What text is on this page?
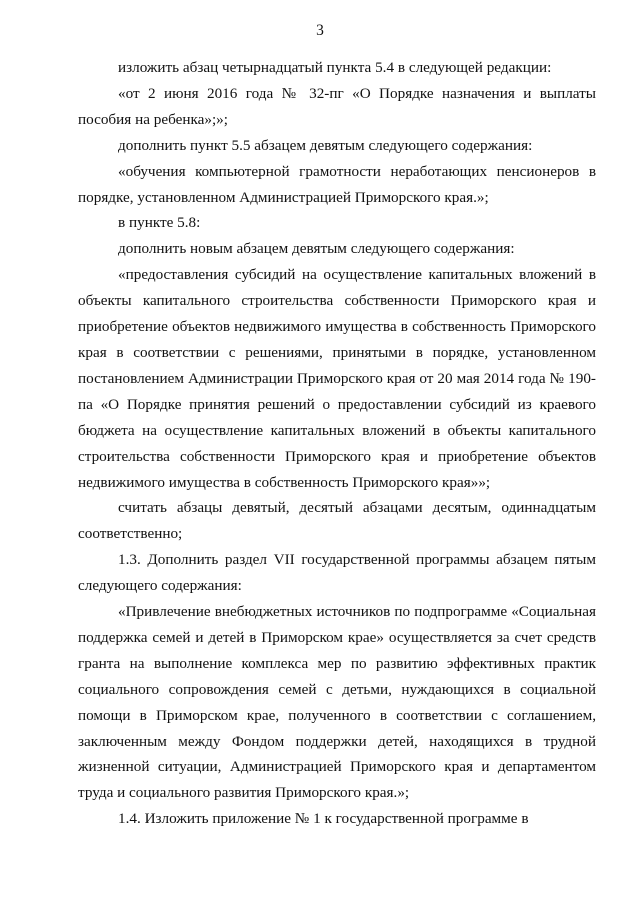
3

изложить абзац четырнадцатый пункта 5.4 в следующей редакции:

«от 2 июня 2016 года № 32-пг «О Порядке назначения и выплаты пособия на ребенка»;»;

дополнить пункт 5.5 абзацем девятым следующего содержания:

«обучения компьютерной грамотности неработающих пенсионеров в порядке, установленном Администрацией Приморского края.»;

в пункте 5.8:

дополнить новым абзацем девятым следующего содержания:

«предоставления субсидий на осуществление капитальных вложений в объекты капитального строительства собственности Приморского края и приобретение объектов недвижимого имущества в собственность Приморского края в соответствии с решениями, принятыми в порядке, установленном постановлением Администрации Приморского края от 20 мая 2014 года № 190-па «О Порядке принятия решений о предоставлении субсидий из краевого бюджета на осуществление капитальных вложений в объекты капитального строительства собственности Приморского края и приобретение объектов недвижимого имущества в собственность Приморского края»»;

считать абзацы девятый, десятый абзацами десятым, одиннадцатым соответственно;

1.3. Дополнить раздел VII государственной программы абзацем пятым следующего содержания:

«Привлечение внебюджетных источников по подпрограмме «Социальная поддержка семей и детей в Приморском крае» осуществляется за счет средств гранта на выполнение комплекса мер по развитию эффективных практик социального сопровождения семей с детьми, нуждающихся в социальной помощи в Приморском крае, полученного в соответствии с соглашением, заключенным между Фондом поддержки детей, находящихся в трудной жизненной ситуации, Администрацией Приморского края и департаментом труда и социального развития Приморского края.»;

1.4. Изложить приложение № 1 к государственной программе в
